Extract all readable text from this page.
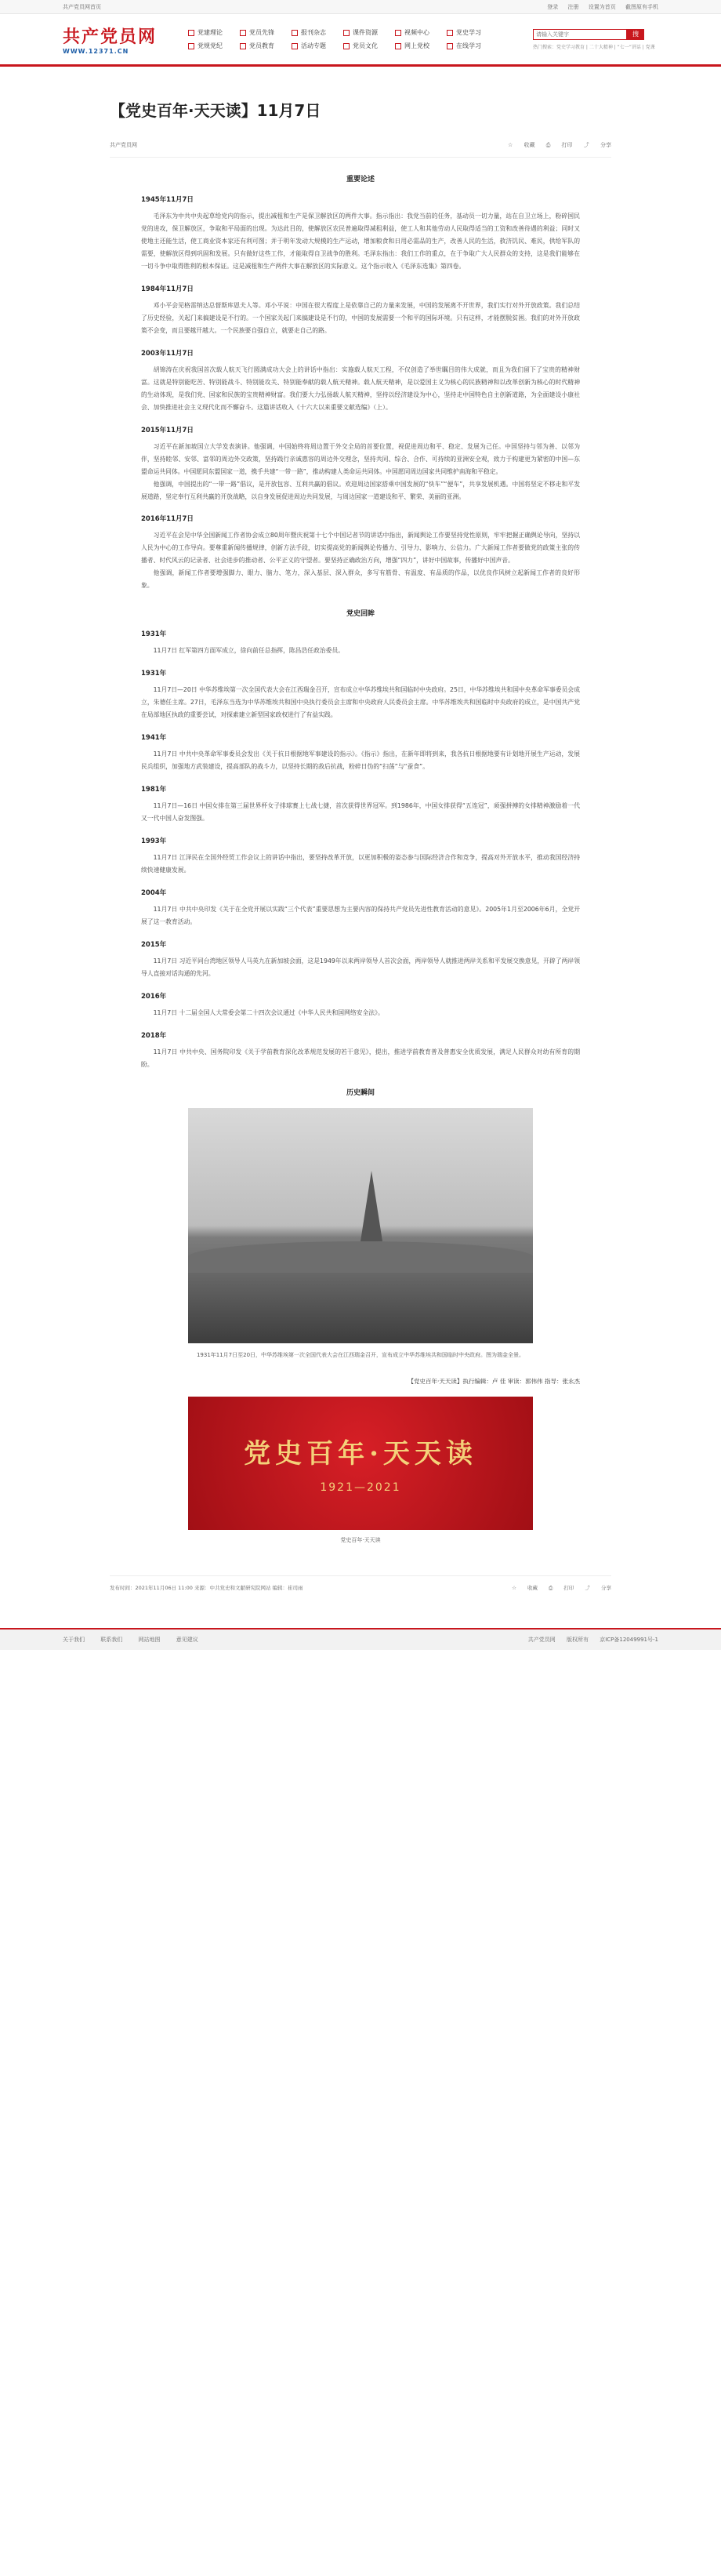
共产党员网首页	登录 注册 设置为首页 截图原有手机
共产党员网
WWW.12371.CN
党建理论	党员先锋	报刊杂志	课件资源	视频中心	党史学习
党规党纪	党员教育	活动专题	党员文化	网上党校	在线学习
请输入关键字
搜
热门搜索：党史学习教育 | 二十大精神 | “七一”讲话 | 党课
【党史百年·天天读】11月7日
共产党员网	☆ 收藏 ⎙ 打印 ⤴ 分享
重要论述
1945年11月7日

毛泽东为中共中央起草给党内的指示，提出减租和生产是保卫解放区的两件大事。指示指出：我党当前的任务，基动员一切力量，站在自卫立场上，粉碎国民党的进攻，保卫解放区，争取和平局面的出现。为达此目的，使解放区农民普遍取得减租利益，使工人和其他劳动人民取得适当的工资和改善待遇的利益；同时又使地主还能生活，使工商业资本家还有利可图；并于明年发动大规模的生产运动，增加粮食和日用必需品的生产，改善人民的生活，救济饥民、难民，供给军队的需要，使解放区得到巩固和发展。只有做好这些工作，才能取得自卫战争的胜利。毛泽东指出：我们工作的重点，在于争取广大人民群众的支持，这是我们能够在一切斗争中取得胜利的根本保证。这是减租和生产两件大事在解放区的实际意义。这个指示收入《毛泽东选集》第四卷。

1984年11月7日

邓小平会见格雷纳达总督斯库恩夫人等。邓小平说：中国在很大程度上是依靠自己的力量来发展，中国的发展离不开世界，我们实行对外开放政策。我们总结了历史经验，关起门来搞建设是不行的。一个国家关起门来搞建设是不行的，中国的发展需要一个和平的国际环境。只有这样，才能摆脱贫困。我们的对外开放政策不会变，而且要越开越大。一个民族要自强自立，就要走自己的路。

2003年11月7日

胡锦涛在庆祝我国首次载人航天飞行圆满成功大会上的讲话中指出：实施载人航天工程，不仅创造了举世瞩目的伟大成就，而且为我们留下了宝贵的精神财富。这就是特别能吃苦、特别能战斗、特别能攻关、特别能奉献的载人航天精神。载人航天精神，是以爱国主义为核心的民族精神和以改革创新为核心的时代精神的生动体现，是我们党、国家和民族的宝贵精神财富。我们要大力弘扬载人航天精神，坚持以经济建设为中心，坚持走中国特色自主创新道路，为全面建设小康社会、加快推进社会主义现代化而不懈奋斗。这篇讲话收入《十六大以来重要文献选编》（上）。

2015年11月7日

习近平在新加坡国立大学发表演讲。他强调，中国始终将周边置于外交全局的首要位置，视促进周边和平、稳定、发展为己任。中国坚持与邻为善、以邻为伴，坚持睦邻、安邻、富邻的周边外交政策，坚持践行亲诚惠容的周边外交理念，坚持共同、综合、合作、可持续的亚洲安全观，致力于构建更为紧密的中国—东盟命运共同体。中国愿同东盟国家一道，携手共建“一带一路”，推动构建人类命运共同体。中国愿同周边国家共同维护南海和平稳定。

他强调，中国提出的“一带一路”倡议，是开放包容、互利共赢的倡议。欢迎周边国家搭乘中国发展的“快车”“便车”，共享发展机遇。中国将坚定不移走和平发展道路，坚定奉行互利共赢的开放战略，以自身发展促进周边共同发展，与周边国家一道建设和平、繁荣、美丽的亚洲。

2016年11月7日

习近平在会见中华全国新闻工作者协会成立80周年暨庆祝第十七个中国记者节的讲话中指出，新闻舆论工作要坚持党性原则，牢牢把握正确舆论导向，坚持以人民为中心的工作导向。要尊重新闻传播规律，创新方法手段，切实提高党的新闻舆论传播力、引导力、影响力、公信力。广大新闻工作者要做党的政策主张的传播者、时代风云的记录者、社会进步的推动者、公平正义的守望者。要坚持正确政治方向，增强“四力”，讲好中国故事，传播好中国声音。

他强调，新闻工作者要增强脚力、眼力、脑力、笔力，深入基层、深入群众，多写有筋骨、有温度、有品质的作品，以优良作风树立起新闻工作者的良好形象。

党史回眸
1931年

11月7日 红军第四方面军成立，徐向前任总指挥，陈昌浩任政治委员。

1931年

11月7日—20日 中华苏维埃第一次全国代表大会在江西瑞金召开，宣布成立中华苏维埃共和国临时中央政府。25日，中华苏维埃共和国中央革命军事委员会成立，朱德任主席。27日，毛泽东当选为中华苏维埃共和国中央执行委员会主席和中央政府人民委员会主席。中华苏维埃共和国临时中央政府的成立，是中国共产党在局部地区执政的重要尝试，对探索建立新型国家政权进行了有益实践。

1941年

11月7日 中共中央革命军事委员会发出《关于抗日根据地军事建设的指示》。《指示》指出，在新年即将到来，我各抗日根据地要有计划地开展生产运动，发展民兵组织，加强地方武装建设，提高部队的战斗力，以坚持长期的敌后抗战，粉碎日伪的“扫荡”与“蚕食”。

1981年

11月7日—16日 中国女排在第三届世界杯女子排球赛上七战七捷，首次获得世界冠军。到1986年，中国女排获得“五连冠”，顽强拼搏的女排精神激励着一代又一代中国人奋发图强。

1993年

11月7日 江泽民在全国外经贸工作会议上的讲话中指出，要坚持改革开放，以更加积极的姿态参与国际经济合作和竞争，提高对外开放水平，推动我国经济持续快速健康发展。

2004年

11月7日 中共中央印发《关于在全党开展以实践“三个代表”重要思想为主要内容的保持共产党员先进性教育活动的意见》。2005年1月至2006年6月，全党开展了这一教育活动。

2015年

11月7日 习近平同台湾地区领导人马英九在新加坡会面，这是1949年以来两岸领导人首次会面，两岸领导人就推进两岸关系和平发展交换意见，开辟了两岸领导人直接对话沟通的先河。

2016年

11月7日 十二届全国人大常委会第二十四次会议通过《中华人民共和国网络安全法》。

2018年

11月7日 中共中央、国务院印发《关于学前教育深化改革规范发展的若干意见》，提出，推进学前教育普及普惠安全优质发展，满足人民群众对幼有所育的期盼。

历史瞬间
1931年11月7日至20日，中华苏维埃第一次全国代表大会在江西瑞金召开，宣布成立中华苏维埃共和国临时中央政府。图为瑞金全景。
【党史百年·天天读】执行编辑：卢 佳 审读：郭伟伟 指导：张永杰
党史百年·天天读
1921—2021
党史百年·天天读
发布时间：2021年11月06日 11:00 来源：中共党史和文献研究院网站 编辑：崔司雨	☆ 收藏 ⎙ 打印 ⤴ 分享
关于我们	联系我们	网站地图	意见建议	共产党员网 版权所有 京ICP备12049991号-1
